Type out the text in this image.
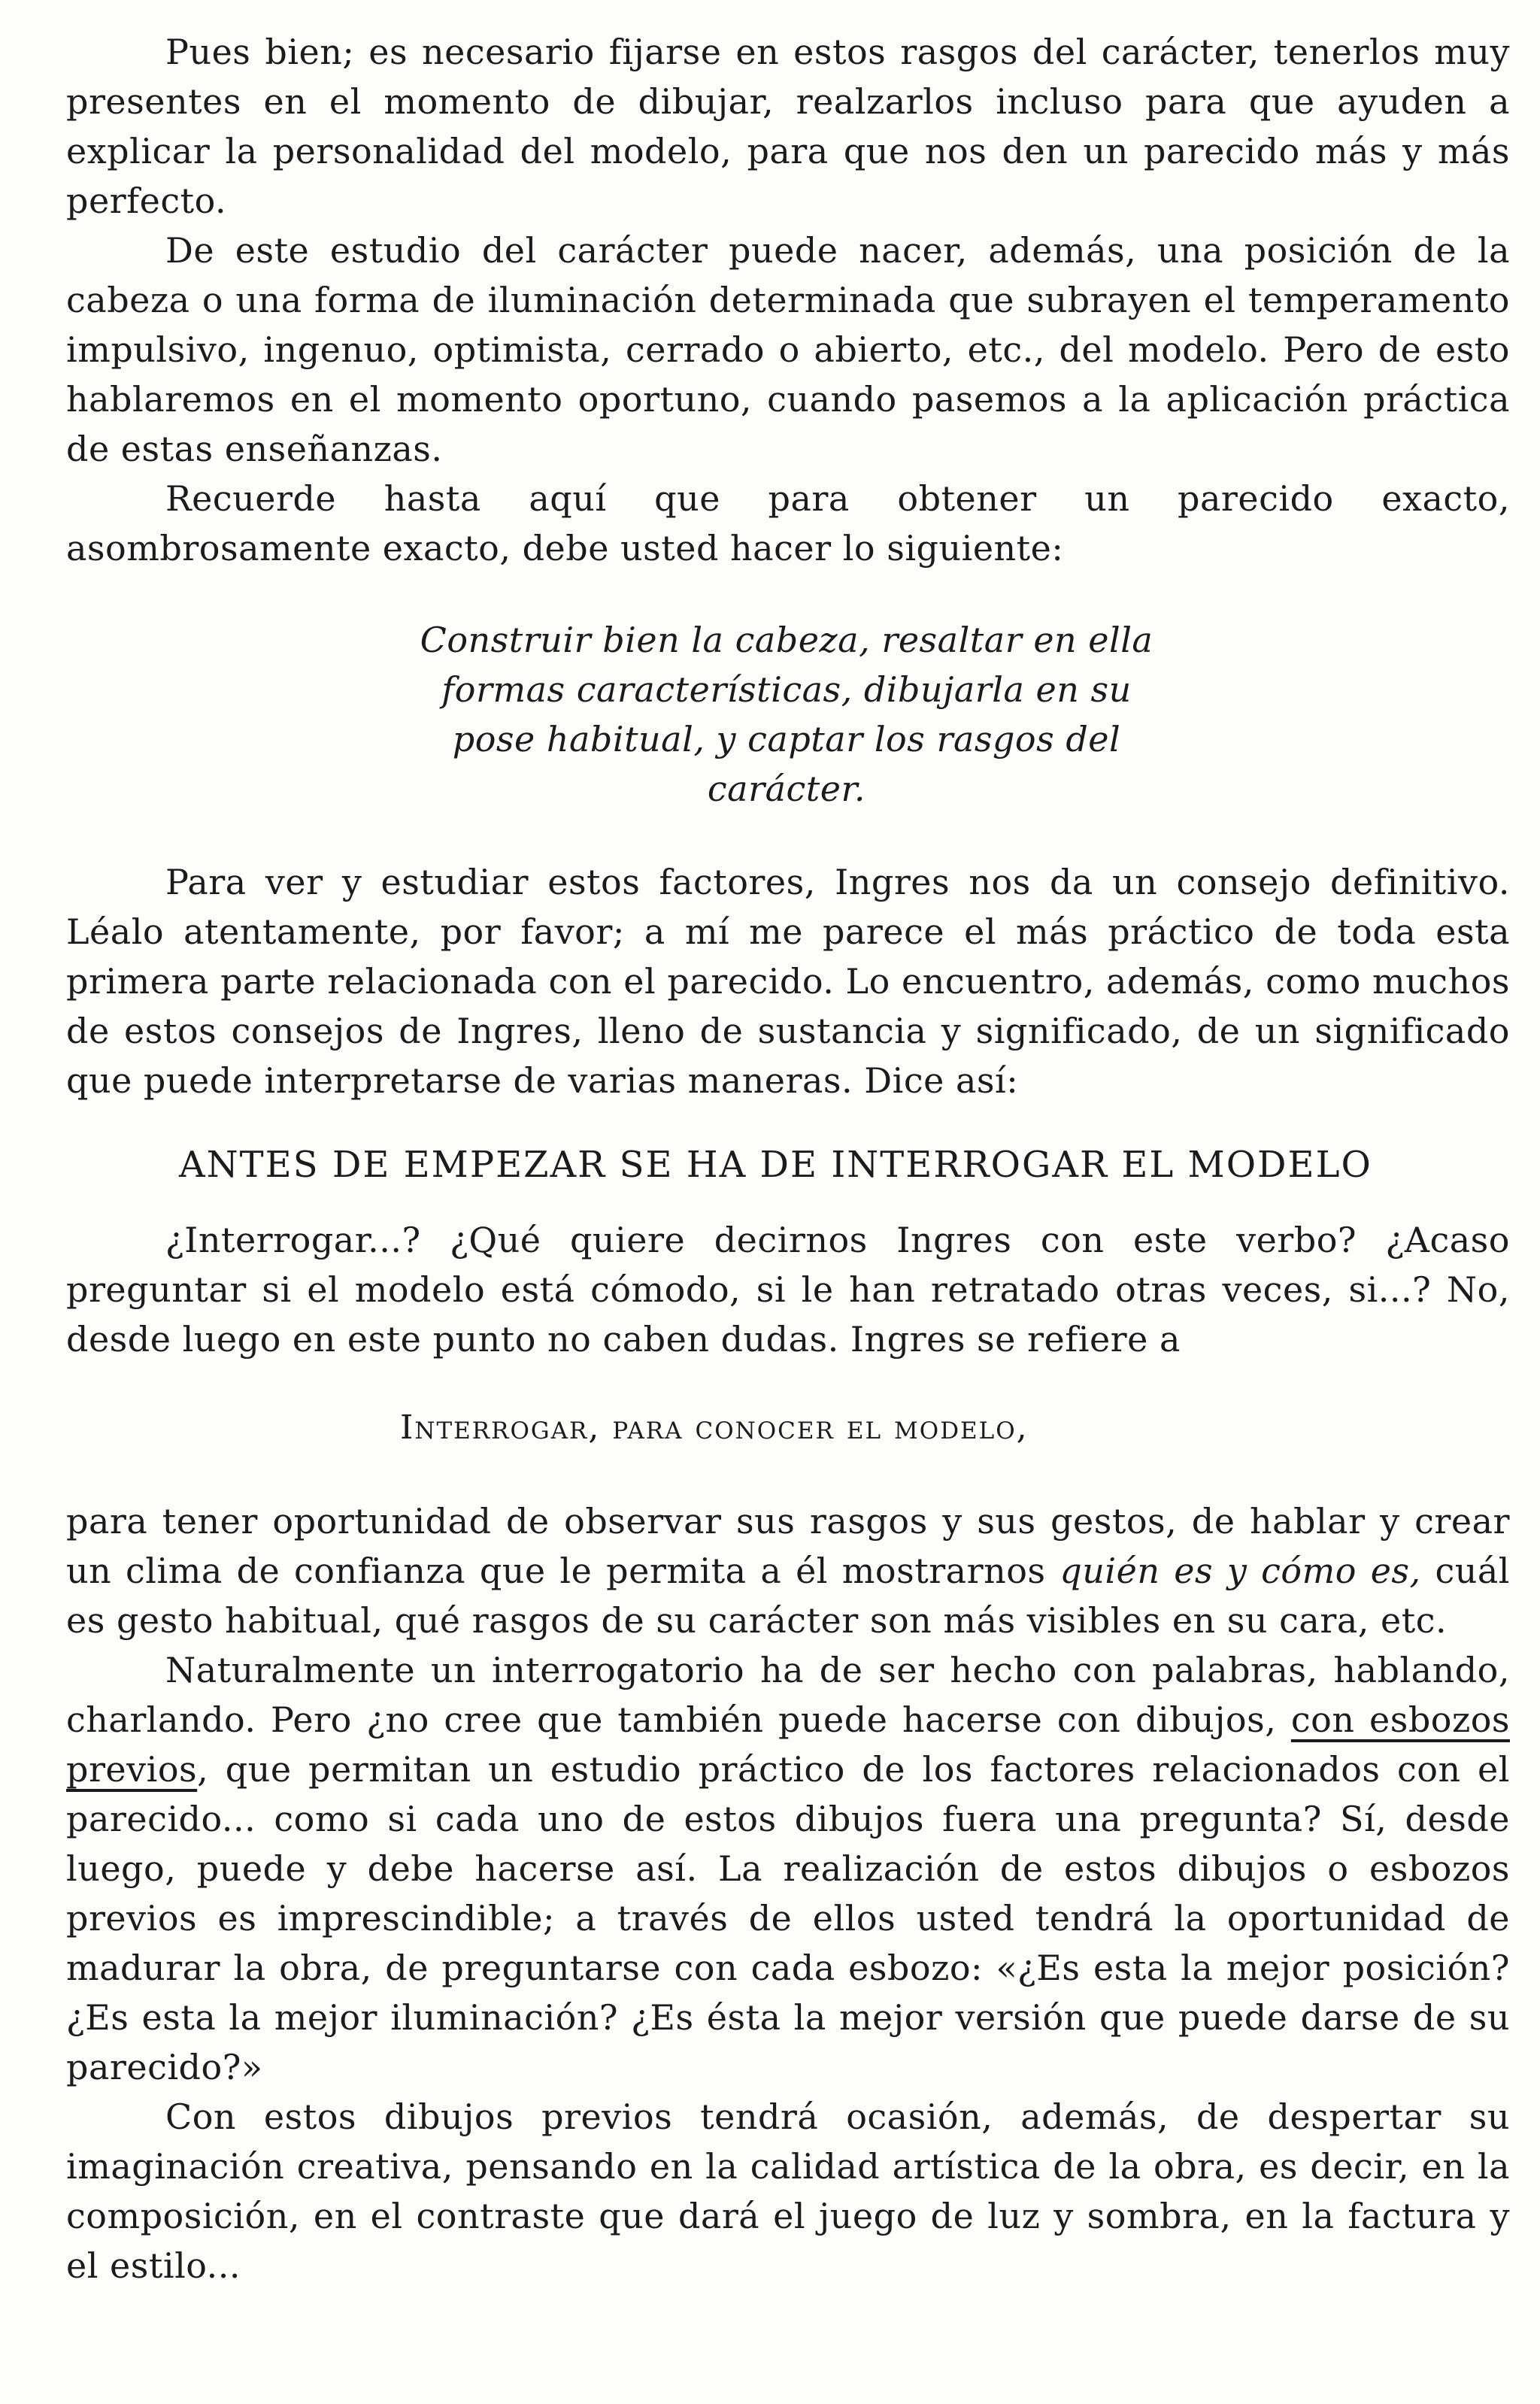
Pues bien; es necesario fijarse en estos rasgos del carácter, tenerlos muy presentes en el momento de dibujar, realzarlos incluso para que ayuden a explicar la personalidad del modelo, para que nos den un parecido más y más perfecto.

De este estudio del carácter puede nacer, además, una posición de la cabeza o una forma de iluminación determinada que subrayen el temperamento impulsivo, ingenuo, optimista, cerrado o abierto, etc., del modelo. Pero de esto hablaremos en el momento oportuno, cuando pasemos a la aplicación práctica de estas enseñanzas.

Recuerde hasta aquí que para obtener un parecido exacto, asombrosamente exacto, debe usted hacer lo siguiente:

Construir bien la cabeza, resaltar en ella formas características, dibujarla en su pose habitual, y captar los rasgos del carácter.

Para ver y estudiar estos factores, Ingres nos da un consejo definitivo. Léalo atentamente, por favor; a mí me parece el más práctico de toda esta primera parte relacionada con el parecido. Lo encuentro, además, como muchos de estos consejos de Ingres, lleno de sustancia y significado, de un significado que puede interpretarse de varias maneras. Dice así:

ANTES DE EMPEZAR SE HA DE INTERROGAR EL MODELO

¿Interrogar...? ¿Qué quiere decirnos Ingres con este verbo? ¿Acaso preguntar si el modelo está cómodo, si le han retratado otras veces, si...? No, desde luego en este punto no caben dudas. Ingres se refiere a

Interrogar, para conocer el modelo,

para tener oportunidad de observar sus rasgos y sus gestos, de hablar y crear un clima de confianza que le permita a él mostrarnos quién es y cómo es, cuál es gesto habitual, qué rasgos de su carácter son más visibles en su cara, etc.

Naturalmente un interrogatorio ha de ser hecho con palabras, hablando, charlando. Pero ¿no cree que también puede hacerse con dibujos, con esbozos previos, que permitan un estudio práctico de los factores relacionados con el parecido... como si cada uno de estos dibujos fuera una pregunta? Sí, desde luego, puede y debe hacerse así. La realización de estos dibujos o esbozos previos es imprescindible; a través de ellos usted tendrá la oportunidad de madurar la obra, de preguntarse con cada esbozo: «¿Es esta la mejor posición? ¿Es esta la mejor iluminación? ¿Es ésta la mejor versión que puede darse de su parecido?»

Con estos dibujos previos tendrá ocasión, además, de despertar su imaginación creativa, pensando en la calidad artística de la obra, es decir, en la composición, en el contraste que dará el juego de luz y sombra, en la factura y el estilo...
